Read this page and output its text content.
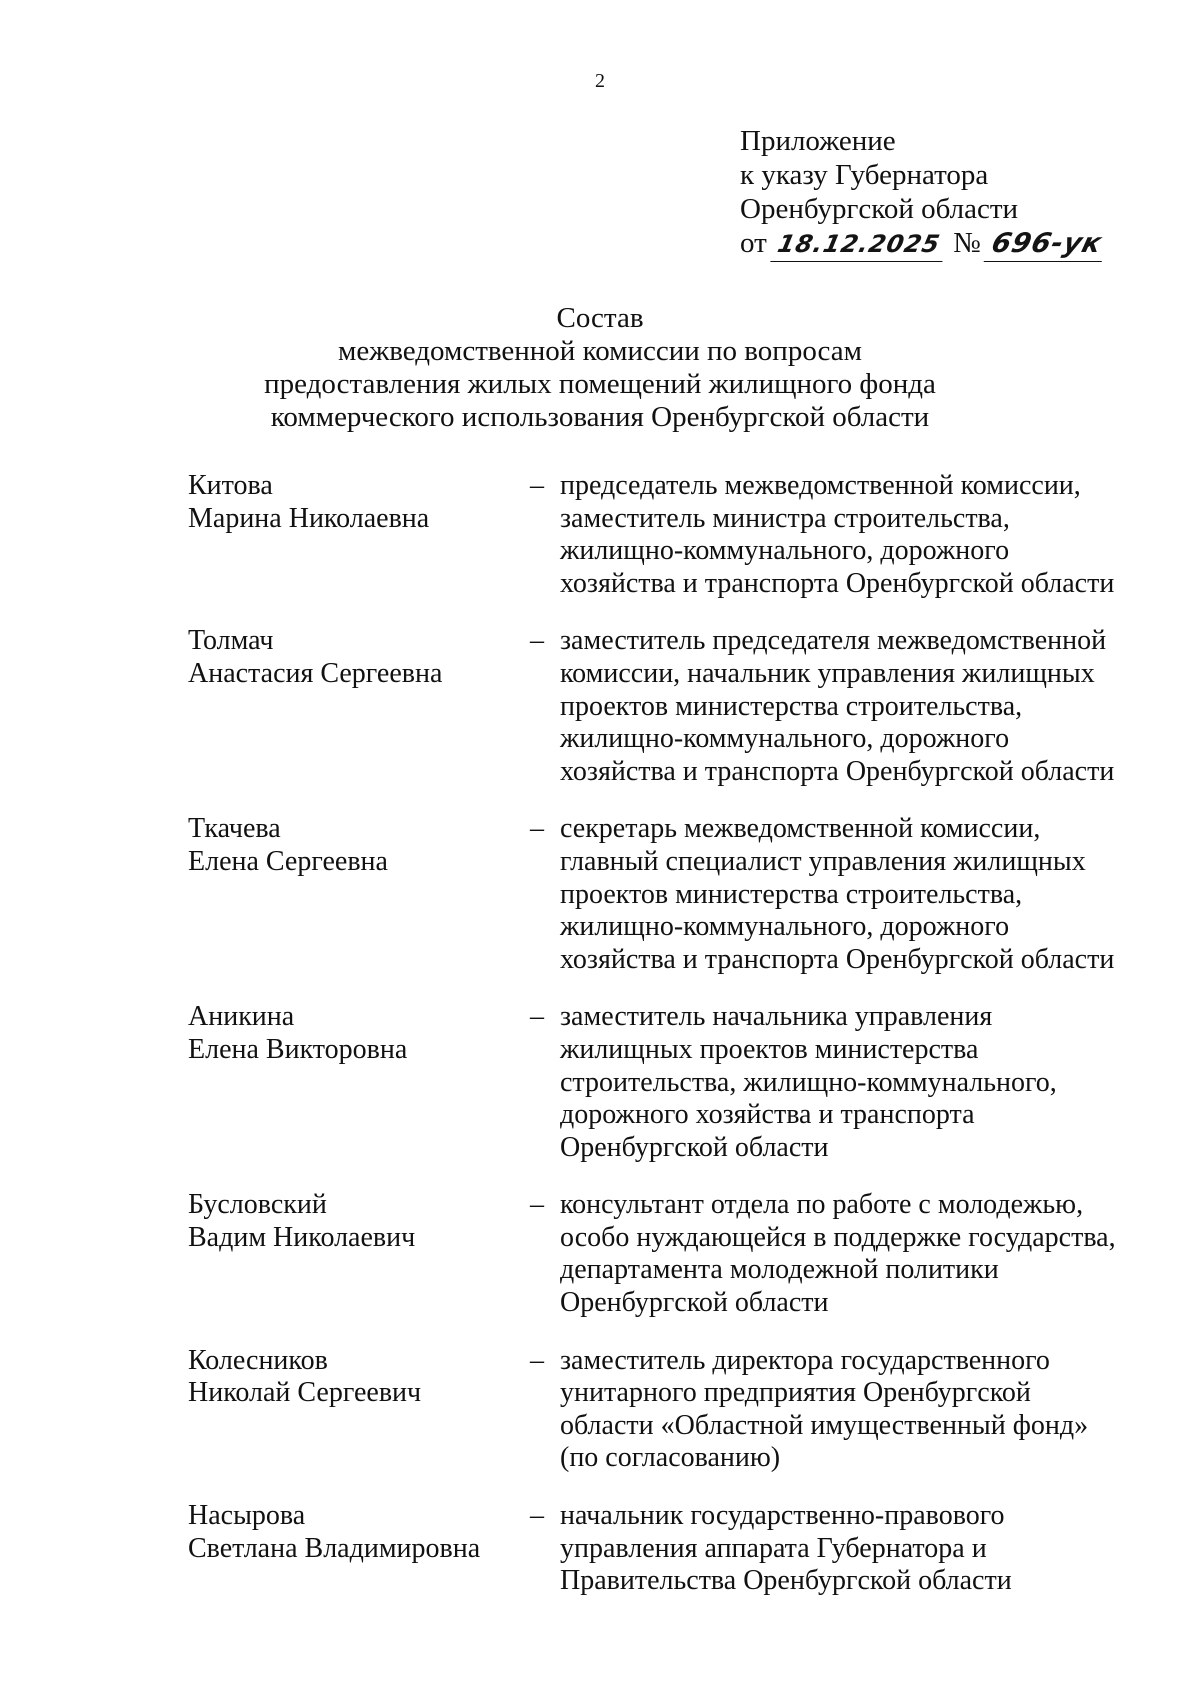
2
Приложение
к указу Губернатора
Оренбургской области
от 18.12.2025 № 696-ук
Состав
межведомственной комиссии по вопросам
предоставления жилых помещений жилищного фонда
коммерческого использования Оренбургской области
Китова
Марина Николаевна
– председатель межведомственной комиссии,
заместитель министра строительства,
жилищно-коммунального, дорожного
хозяйства и транспорта Оренбургской области
Толмач
Анастасия Сергеевна
– заместитель председателя межведомственной
комиссии, начальник управления жилищных
проектов министерства строительства,
жилищно-коммунального, дорожного
хозяйства и транспорта Оренбургской области
Ткачева
Елена Сергеевна
– секретарь межведомственной комиссии,
главный специалист управления жилищных
проектов министерства строительства,
жилищно-коммунального, дорожного
хозяйства и транспорта Оренбургской области
Аникина
Елена Викторовна
– заместитель начальника управления
жилищных проектов министерства
строительства, жилищно-коммунального,
дорожного хозяйства и транспорта
Оренбургской области
Бусловский
Вадим Николаевич
– консультант отдела по работе с молодежью,
особо нуждающейся в поддержке государства,
департамента молодежной политики
Оренбургской области
Колесников
Николай Сергеевич
– заместитель директора государственного
унитарного предприятия Оренбургской
области «Областной имущественный фонд»
(по согласованию)
Насырова
Светлана Владимировна
– начальник государственно-правового
управления аппарата Губернатора и
Правительства Оренбургской области
